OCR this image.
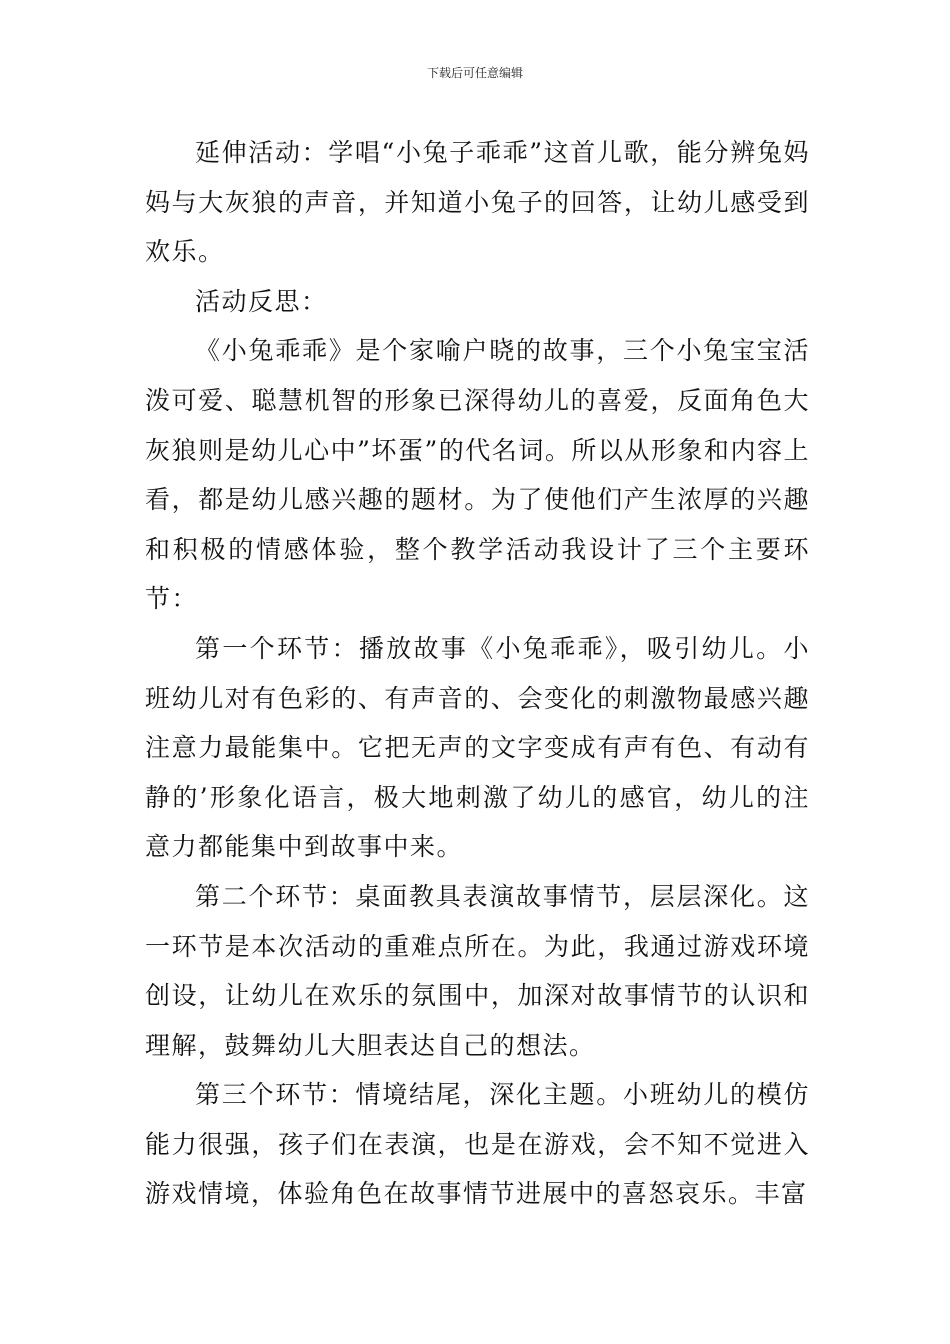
下载后可任意编辑

延伸活动：学唱“小兔子乖乖”这首儿歌，能分辨兔妈妈与大灰狼的声音，并知道小兔子的回答，让幼儿感受到欢乐。

活动反思：

《小兔乖乖》是个家喻户晓的故事，三个小兔宝宝活泼可爱、聪慧机智的形象已深得幼儿的喜爱，反面角色大灰狼则是幼儿心中”坏蛋”的代名词。所以从形象和内容上看，都是幼儿感兴趣的题材。为了使他们产生浓厚的兴趣和积极的情感体验，整个教学活动我设计了三个主要环节：

第一个环节：播放故事《小兔乖乖》，吸引幼儿。小班幼儿对有色彩的、有声音的、会变化的刺激物最感兴趣注意力最能集中。它把无声的文字变成有声有色、有动有静的’形象化语言，极大地刺激了幼儿的感官，幼儿的注意力都能集中到故事中来。

第二个环节：桌面教具表演故事情节，层层深化。这一环节是本次活动的重难点所在。为此，我通过游戏环境创设，让幼儿在欢乐的氛围中，加深对故事情节的认识和理解，鼓舞幼儿大胆表达自己的想法。

第三个环节：情境结尾，深化主题。小班幼儿的模仿能力很强，孩子们在表演，也是在游戏，会不知不觉进入游戏情境，体验角色在故事情节进展中的喜怒哀乐。丰富
